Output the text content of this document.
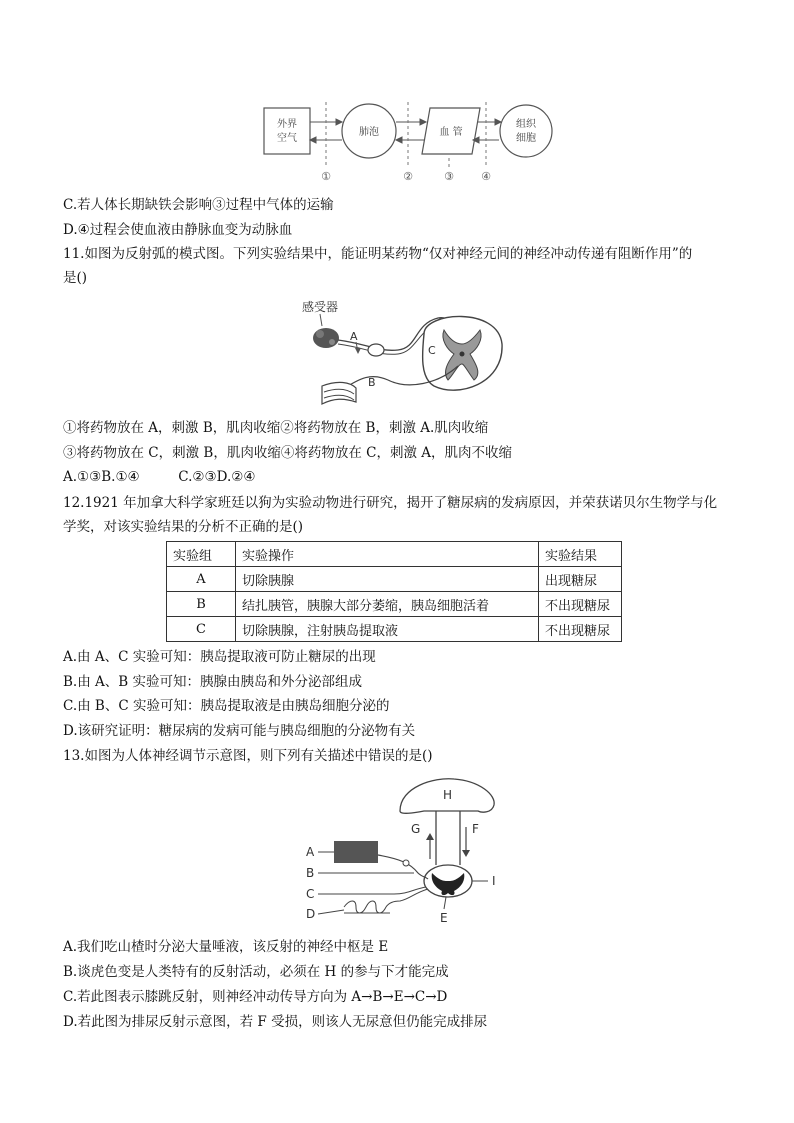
外界
空气
肺泡	血 管
组织
细胞
①	②	③ ④
C.若人体长期缺铁会影响③过程中气体的运输
D.④过程会使血液由静脉血变为动脉血
11.如图为反射弧的模式图。下列实验结果中，能证明某药物“仅对神经元间的神经冲动传递有阻断作用”的
是()
感受器
C
A
B
①将药物放在 A，刺激 B，肌肉收缩②将药物放在 B，刺激 A.肌肉收缩
③将药物放在 C，刺激 B，肌肉收缩④将药物放在 C，刺激 A，肌肉不收缩
A.①③B.①④         C.②③D.②④
12.1921 年加拿大科学家班廷以狗为实验动物进行研究，揭开了糖尿病的发病原因，并荣获诺贝尔生物学与化
学奖，对该实验结果的分析不正确的是()
实验组	实验操作	实验结果
A	切除胰腺	出现糖尿
B	结扎胰管，胰腺大部分萎缩，胰岛细胞活着	不出现糖尿
C	切除胰腺，注射胰岛提取液	不出现糖尿
A.由 A、C 实验可知：胰岛提取液可防止糖尿的出现
B.由 A、B 实验可知：胰腺由胰岛和外分泌部组成
C.由 B、C 实验可知：胰岛提取液是由胰岛细胞分泌的
D.该研究证明：糖尿病的发病可能与胰岛细胞的分泌物有关
13.如图为人体神经调节示意图，则下列有关描述中错误的是()
H
G	F
I
E
A
B
C
D
A.我们吃山楂时分泌大量唾液，该反射的神经中枢是 E
B.谈虎色变是人类特有的反射活动，必须在 H 的参与下才能完成
C.若此图表示膝跳反射，则神经冲动传导方向为 A→B→E→C→D
D.若此图为排尿反射示意图，若 F 受损，则该人无尿意但仍能完成排尿
